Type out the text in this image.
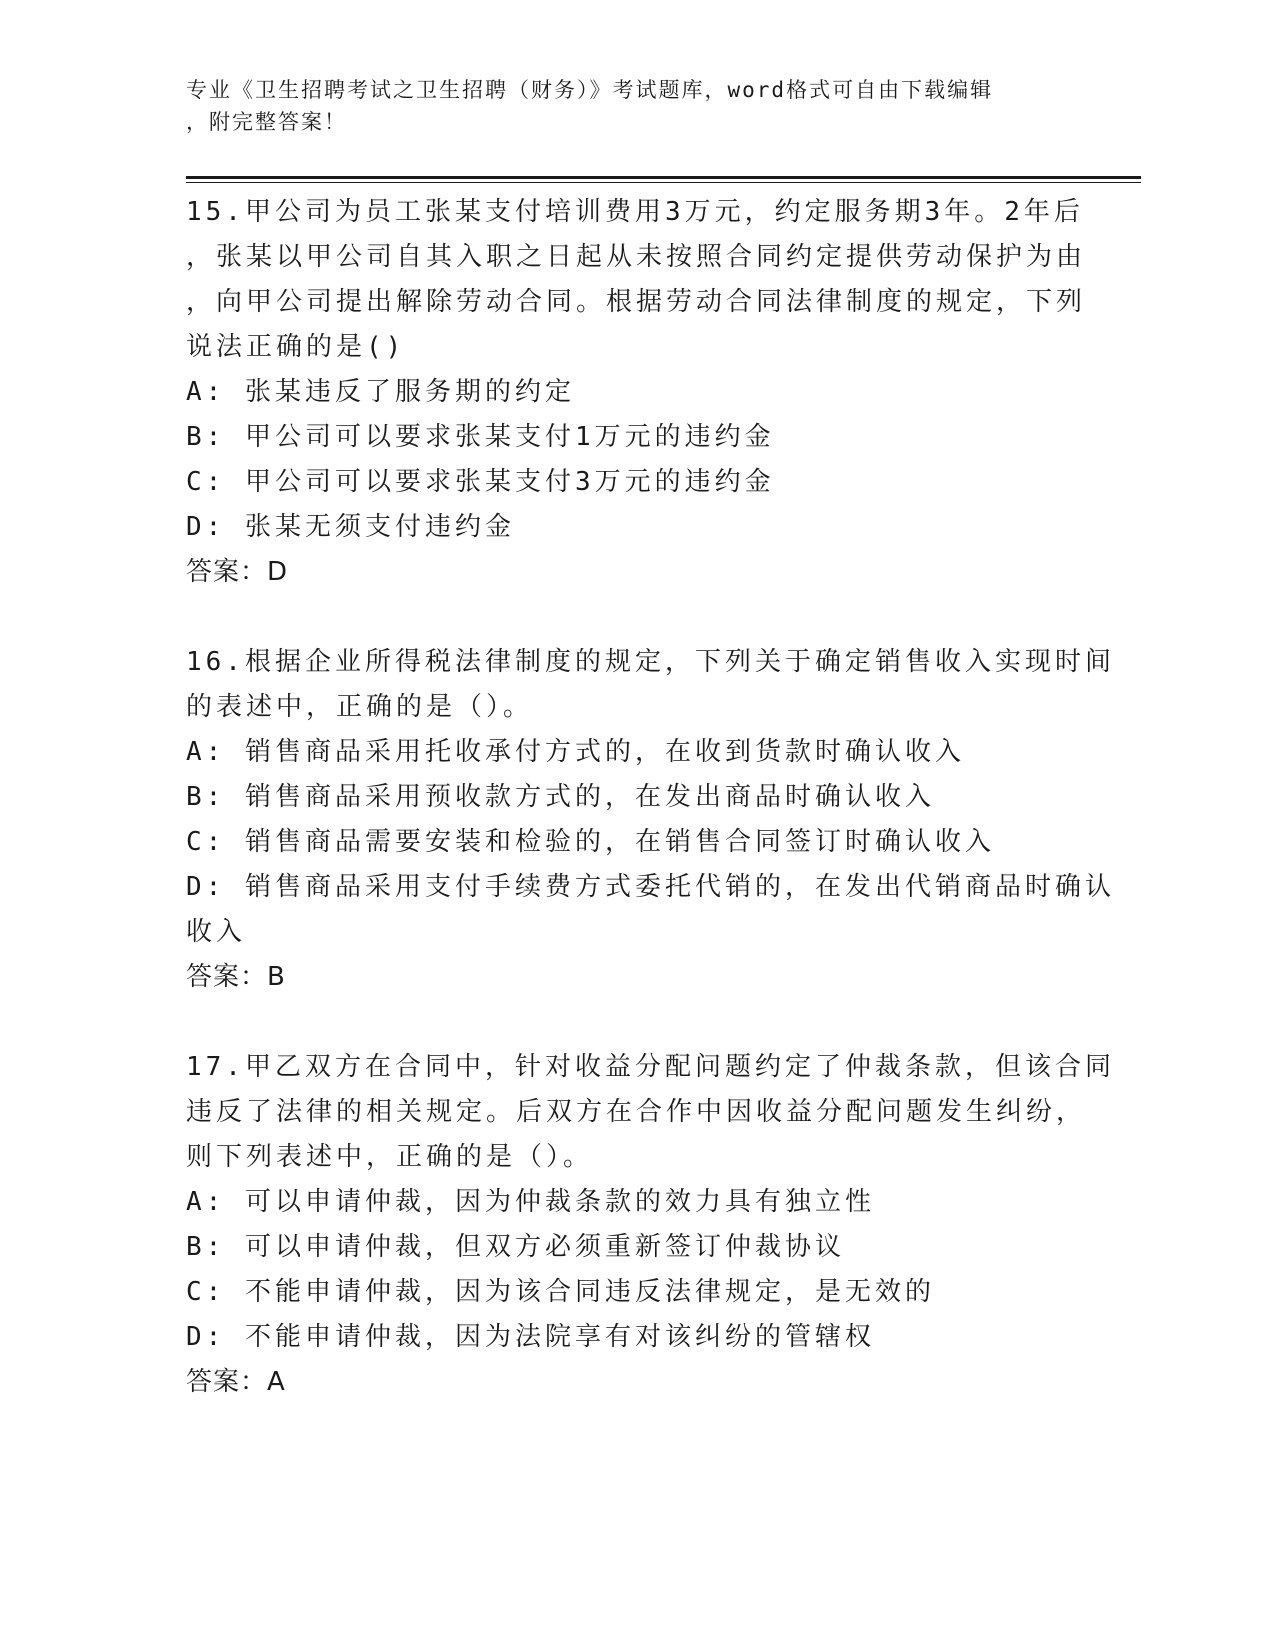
专业《卫生招聘考试之卫生招聘（财务）》考试题库，word格式可自由下载编辑
，附完整答案！
15.甲公司为员工张某支付培训费用3万元，约定服务期3年。2年后
，张某以甲公司自其入职之日起从未按照合同约定提供劳动保护为由
，向甲公司提出解除劳动合同。根据劳动合同法律制度的规定，下列
说法正确的是()
A: 张某违反了服务期的约定
B: 甲公司可以要求张某支付1万元的违约金
C: 甲公司可以要求张某支付3万元的违约金
D: 张某无须支付违约金
答案：D
16.根据企业所得税法律制度的规定，下列关于确定销售收入实现时间
的表述中，正确的是（）。
A: 销售商品采用托收承付方式的，在收到货款时确认收入
B: 销售商品采用预收款方式的，在发出商品时确认收入
C: 销售商品需要安装和检验的，在销售合同签订时确认收入
D: 销售商品采用支付手续费方式委托代销的，在发出代销商品时确认
收入
答案：B
17.甲乙双方在合同中，针对收益分配问题约定了仲裁条款，但该合同
违反了法律的相关规定。后双方在合作中因收益分配问题发生纠纷，
则下列表述中，正确的是（）。
A: 可以申请仲裁，因为仲裁条款的效力具有独立性
B: 可以申请仲裁，但双方必须重新签订仲裁协议
C: 不能申请仲裁，因为该合同违反法律规定，是无效的
D: 不能申请仲裁，因为法院享有对该纠纷的管辖权
答案：A
